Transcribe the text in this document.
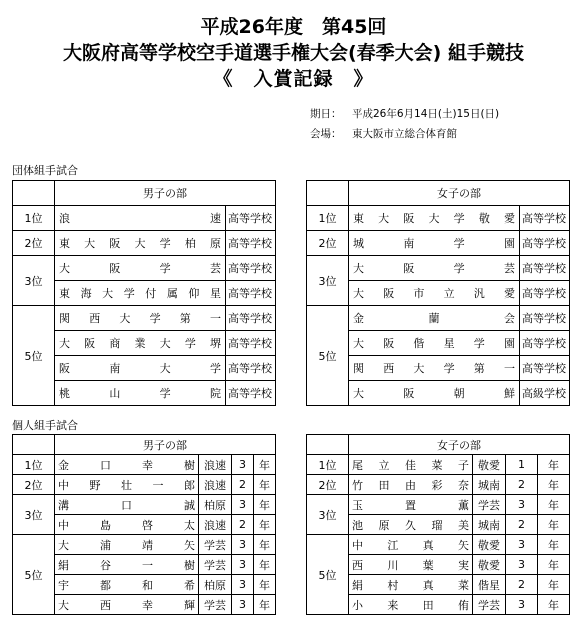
平成26年度　第45回
大阪府高等学校空手道選手権大会(春季大会) 組手競技
《　入賞記録　》
期日： 平成26年6月14日(土)15日(日)
会場： 東大阪市立総合体育館
団体組手試合
	男子の部	
1位	浪速	高等学校
2位	東大阪大学柏原	高等学校
3位	大阪学芸	高等学校
	東海大学付属仰星	高等学校
5位	関西大学第一	高等学校
	大阪商業大学堺	高等学校
	阪南大学	高等学校
	桃山学院	高等学校
	女子の部	
1位	東大阪大学敬愛	高等学校
2位	城南学園	高等学校
3位	大阪学芸	高等学校
	大阪市立汎愛	高等学校
5位	金蘭会	高等学校
	大阪偕星学園	高等学校
	関西大学第一	高等学校
	大阪朝鮮	高級学校
個人組手試合
	男子の部			
1位	金口幸樹	浪速	3	年
2位	中野壮一郎	浪速	2	年
3位	溝口誠	柏原	3	年
	中島啓太	浪速	2	年
5位	大浦靖矢	学芸	3	年
	絹谷一樹	学芸	3	年
	宇都和希	柏原	3	年
	大西幸輝	学芸	3	年
	女子の部			
1位	尾立佳菜子	敬愛	1	年
2位	竹田由彩奈	城南	2	年
3位	玉置薫	学芸	3	年
	池原久瑠美	城南	2	年
5位	中江真矢	敬愛	3	年
	西川葉実	敬愛	3	年
	絹村真菜	偕星	2	年
	小来田侑	学芸	3	年
